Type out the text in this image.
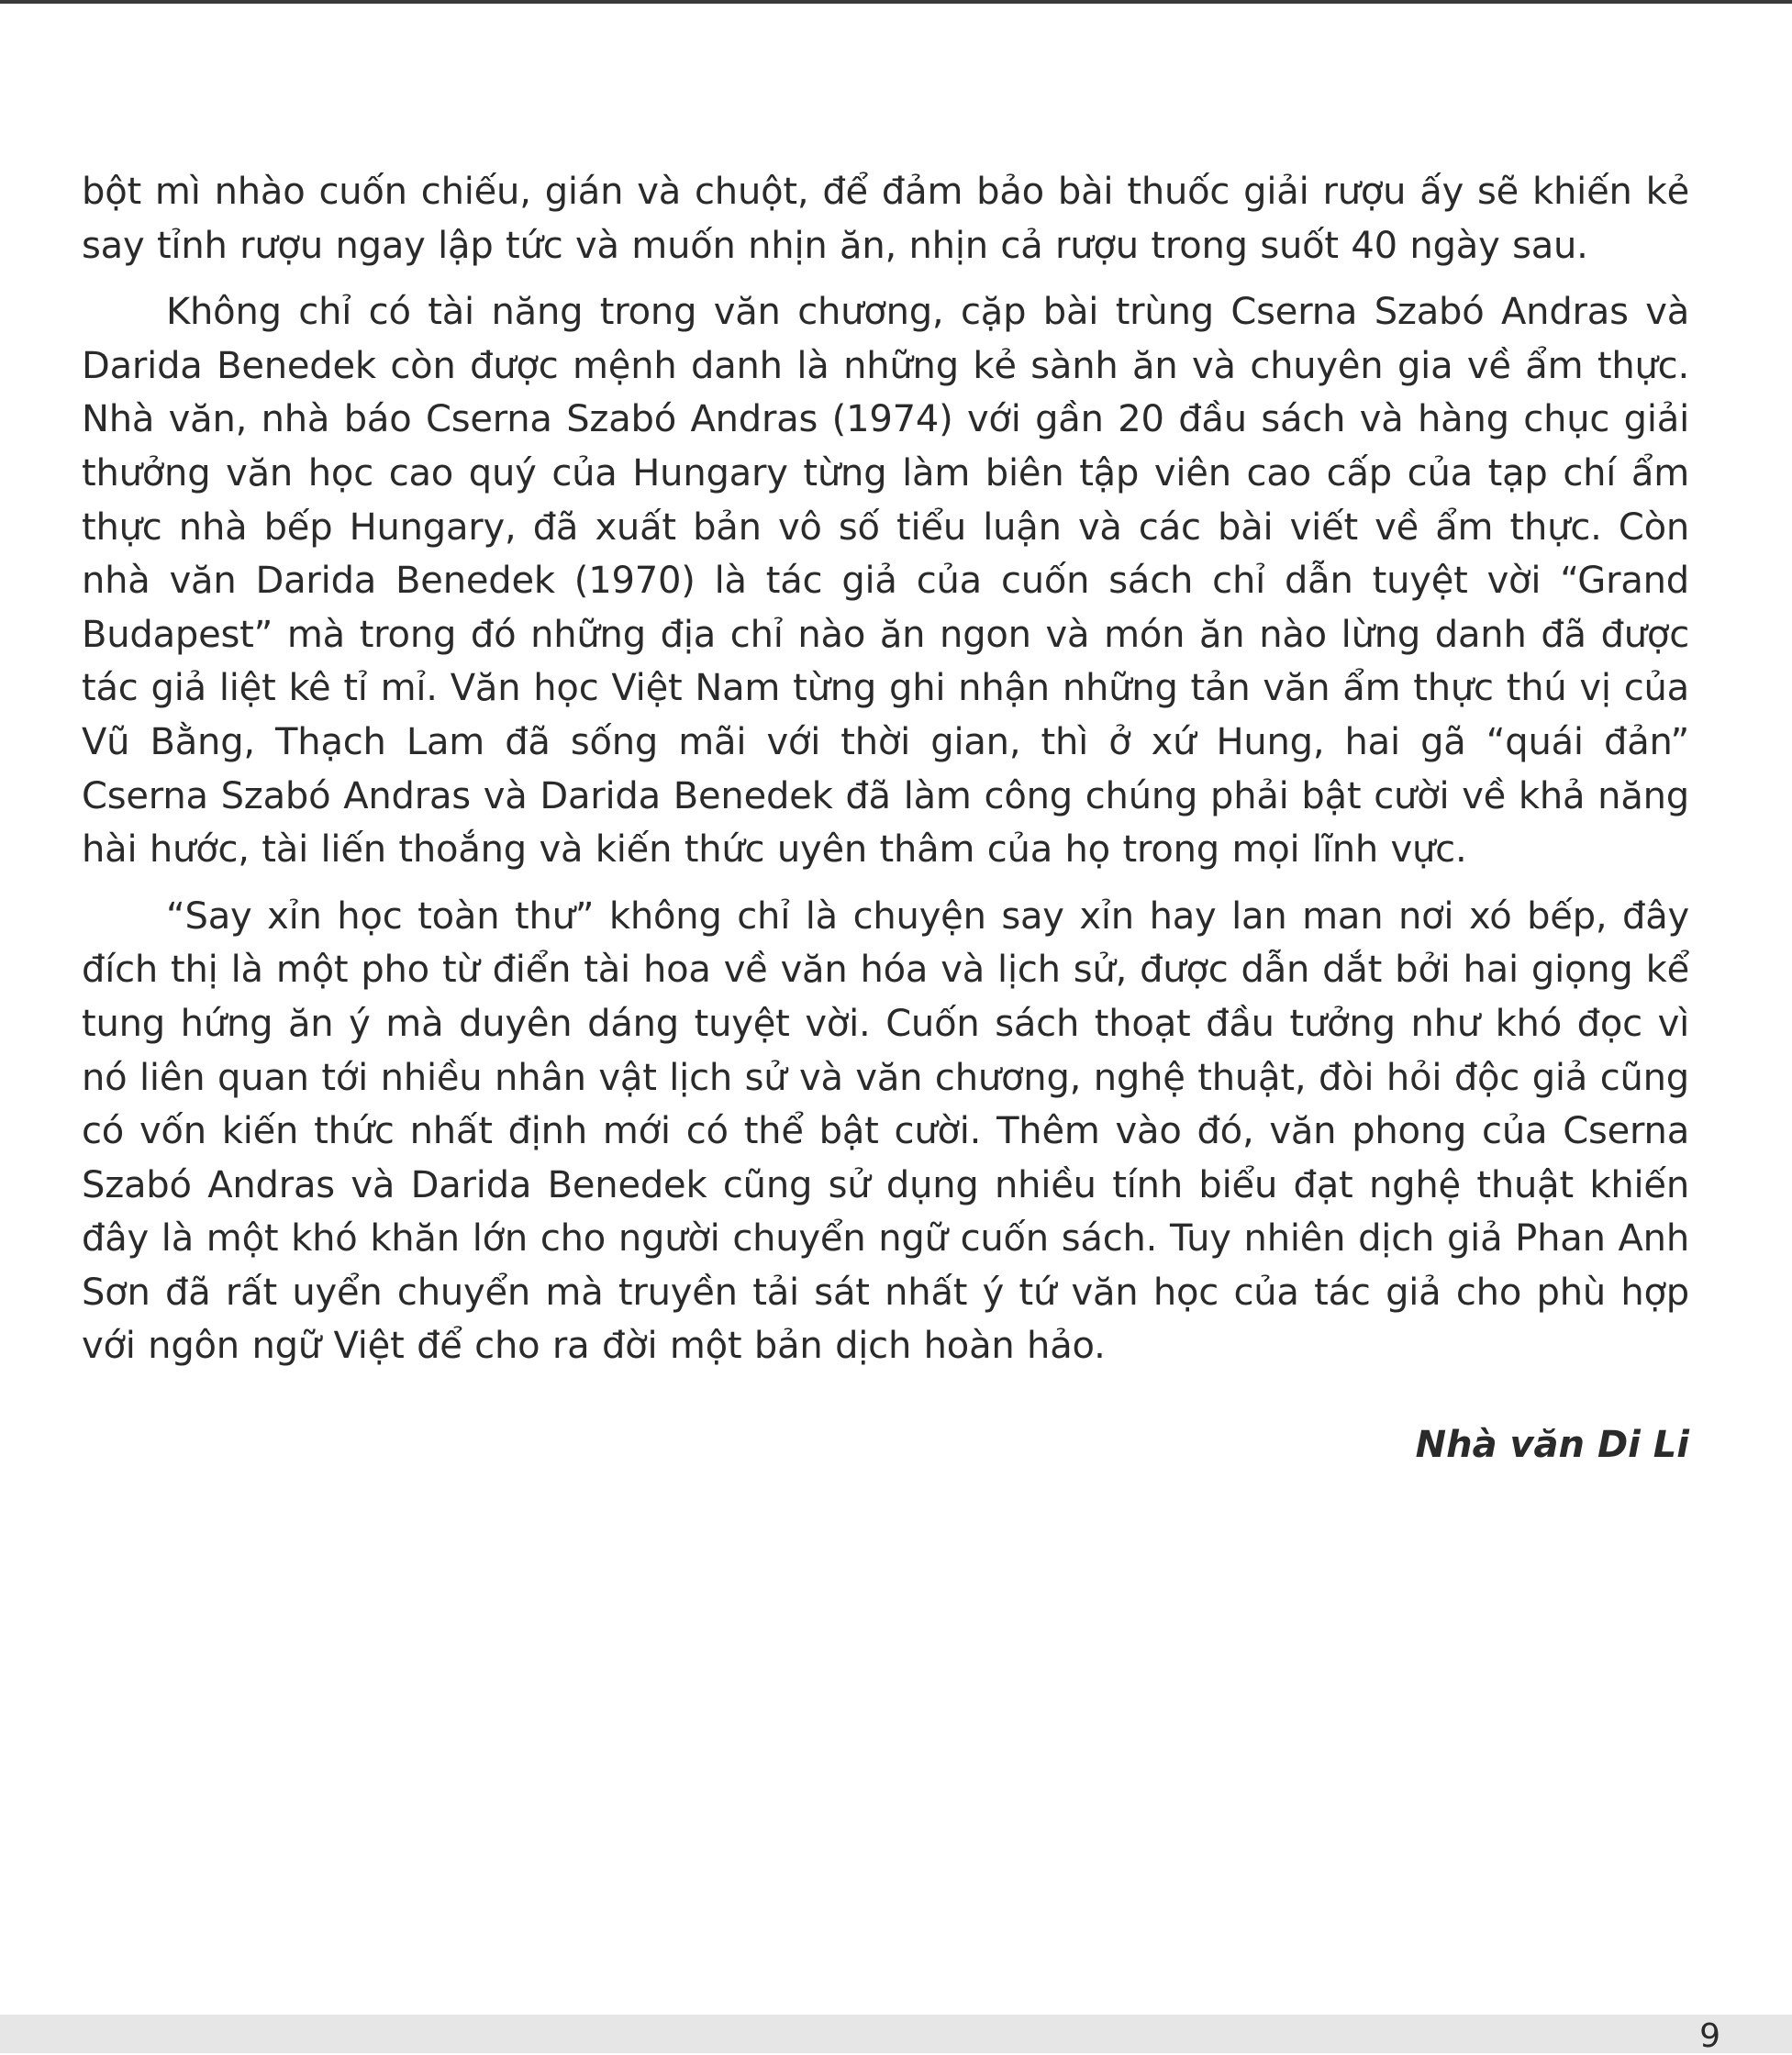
bột mì nhào cuốn chiếu, gián và chuột, để đảm bảo bài thuốc giải rượu ấy sẽ khiến kẻ say tỉnh rượu ngay lập tức và muốn nhịn ăn, nhịn cả rượu trong suốt 40 ngày sau.

Không chỉ có tài năng trong văn chương, cặp bài trùng Cserna Szabó Andras và Darida Benedek còn được mệnh danh là những kẻ sành ăn và chuyên gia về ẩm thực. Nhà văn, nhà báo Cserna Szabó Andras (1974) với gần 20 đầu sách và hàng chục giải thưởng văn học cao quý của Hungary từng làm biên tập viên cao cấp của tạp chí ẩm thực nhà bếp Hungary, đã xuất bản vô số tiểu luận và các bài viết về ẩm thực. Còn nhà văn Darida Benedek (1970) là tác giả của cuốn sách chỉ dẫn tuyệt vời “Grand Budapest” mà trong đó những địa chỉ nào ăn ngon và món ăn nào lừng danh đã được tác giả liệt kê tỉ mỉ. Văn học Việt Nam từng ghi nhận những tản văn ẩm thực thú vị của Vũ Bằng, Thạch Lam đã sống mãi với thời gian, thì ở xứ Hung, hai gã “quái đản” Cserna Szabó Andras và Darida Benedek đã làm công chúng phải bật cười về khả năng hài hước, tài liến thoắng và kiến thức uyên thâm của họ trong mọi lĩnh vực.

“Say xỉn học toàn thư” không chỉ là chuyện say xỉn hay lan man nơi xó bếp, đây đích thị là một pho từ điển tài hoa về văn hóa và lịch sử, được dẫn dắt bởi hai giọng kể tung hứng ăn ý mà duyên dáng tuyệt vời. Cuốn sách thoạt đầu tưởng như khó đọc vì nó liên quan tới nhiều nhân vật lịch sử và văn chương, nghệ thuật, đòi hỏi độc giả cũng có vốn kiến thức nhất định mới có thể bật cười. Thêm vào đó, văn phong của Cserna Szabó Andras và Darida Benedek cũng sử dụng nhiều tính biểu đạt nghệ thuật khiến đây là một khó khăn lớn cho người chuyển ngữ cuốn sách. Tuy nhiên dịch giả Phan Anh Sơn đã rất uyển chuyển mà truyền tải sát nhất ý tứ văn học của tác giả cho phù hợp với ngôn ngữ Việt để cho ra đời một bản dịch hoàn hảo.

Nhà văn Di Li
9
